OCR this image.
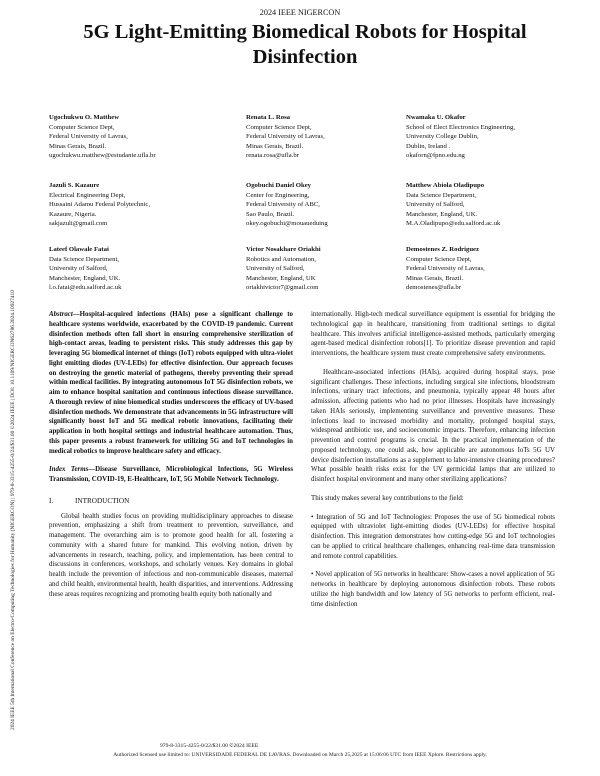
2024 IEEE 5th International Conference on Electro-Computing Technologies for Humanity (NIGERCON) | 979-8-3315-4255-0/24/$31.00 ©2024 IEEE | DOI: 10.1109/NIGERCON62786.2024.10927410
2024 IEEE NIGERCON
5G Light-Emitting Biomedical Robots for Hospital
Disinfection
Ugochukwu O. Matthew
Computer Science Dept,
Federal University of Lavras,
Minas Gerais, Brazil.
ugochukwu.matthew@estudante.ufla.br
Renata L. Rosa
Computer Science Dept,
Federal University of Lavras,
Minas Gerais, Brazil.
renata.rosa@ufla.br
Nwamaka U. Okafor
School of Elect Electronics Engineering,
University College Dublin,
Dublin, Ireland .
okaforn@fpno.edu.ng
Jazuli S. Kazaure
Electrical Engineering Dept,
Hussaini Adamu Federal Polytechnic,
Kazaure, Nigeria.
sakjazuli@gmail.com
Ogobuchi Daniel Okey
Center for Engineering,
Federal University of ABC,
Sao Paulo, Brazil.
okey.ogobuchi@mouaueduing
Matthew Abiola Oladipupo
Data Science Department,
University of Salford,
Manchester, England, UK.
M.A.Oladipupo@edu.salford.ac.uk
Lateef Olawale Fatai
Data Science Department,
University of Salford,
Manchester, England, UK.
l.o.fatai@edu.salford.ac.uk
Victor Nosakhare Oriakhi
Robotics and Automation,
University of Salford,
Manchester, England, UK
oriakhivictor7@gmail.com
Demostenes Z. Rodriguez
Computer Science Dept,
Federal University of Lavras,
Minas Gerais, Brazil.
demostenes@ufla.br

Abstract—Hospital-acquired infections (HAIs) pose a significant challenge to healthcare systems worldwide, exacerbated by the COVID-19 pandemic. Current disinfection methods often fall short in ensuring comprehensive sterilization of high-contact areas, leading to persistent risks. This study addresses this gap by leveraging 5G biomedical internet of things (IoT) robots equipped with ultra-violet light emitting diodes (UV-LEDs) for effective disinfection. Our approach focuses on destroying the genetic material of pathogens, thereby preventing their spread within medical facilities. By integrating autonomous IoT 5G disinfection robots, we aim to enhance hospital sanitation and continuous infectious disease surveillance. A thorough review of nine biomedical studies underscores the efficacy of UV-based disinfection methods. We demonstrate that advancements in 5G infrastructure will significantly boost IoT and 5G medical robotic innovations, facilitating their application in both hospital settings and industrial healthcare automation. Thus, this paper presents a robust framework for utilizing 5G and IoT technologies in medical robotics to improve healthcare safety and efficacy.

Index Terms—Disease Surveillance, Microbiological Infections, 5G Wireless Transmission, COVID-19, E-Healthcare, IoT, 5G Mobile Network Technology.

I.	INTRODUCTION

Global health studies focus on providing multidisciplinary approaches to disease prevention, emphasizing a shift from treatment to prevention, surveillance, and management. The overarching aim is to promote good health for all, fostering a community with a shared future for mankind. This evolving notion, driven by advancements in research, teaching, policy, and implementation, has been central to discussions in conferences, workshops, and scholarly venues. Key domains in global health include the prevention of infectious and non-communicable diseases, maternal and child health, environmental health, health disparities, and interventions. Addressing these areas requires recognizing and promoting health equity both nationally and

internationally. High-tech medical surveillance equipment is essential for bridging the technological gap in healthcare, transitioning from traditional settings to digital healthcare. This involves artificial intelligence-assisted methods, particularly emerging agent-based medical disinfection robots[1]. To prioritize disease prevention and rapid interventions, the healthcare system must create comprehensive safety environments.

Healthcare-associated infections (HAIs), acquired during hospital stays, pose significant challenges. These infections, including surgical site infections, bloodstream infections, urinary tract infections, and pneumonia, typically appear 48 hours after admission, affecting patients who had no prior illnesses. Hospitals have increasingly taken HAIs seriously, implementing surveillance and preventive measures. These infections lead to increased morbidity and mortality, prolonged hospital stays, widespread antibiotic use, and socioeconomic impacts. Therefore, enhancing infection prevention and control programs is crucial. In the practical implementation of the proposed technology, one could ask, how applicable are autonomous IoTs 5G UV device disinfection installations as a supplement to labor-intensive cleaning procedures? What possible health risks exist for the UV germicidal lamps that are utilized to disinfect hospital environment and many other sterilizing applications?

This study makes several key contributions to the field:

• Integration of 5G and IoT Technologies: Proposes the use of 5G biomedical robots equipped with ultraviolet light-emitting diodes (UV-LEDs) for effective hospital disinfection. This integration demonstrates how cutting-edge 5G and IoT technologies can be applied to critical healthcare challenges, enhancing real-time data transmission and remote control capabilities.

• Novel application of 5G networks in healthcare: Show-cases a novel application of 5G networks in healthcare by deploying autonomous disinfection robots. These robots utilize the high bandwidth and low latency of 5G networks to perform efficient, real-time disinfection

979-8-3315-4255-0/22/$31.00 ©2024 IEEE
Authorized licensed use limited to: UNIVERSIDADE FEDERAL DE LAVRAS. Downloaded on March 25,2025 at 15:06:06 UTC from IEEE Xplore. Restrictions apply.
